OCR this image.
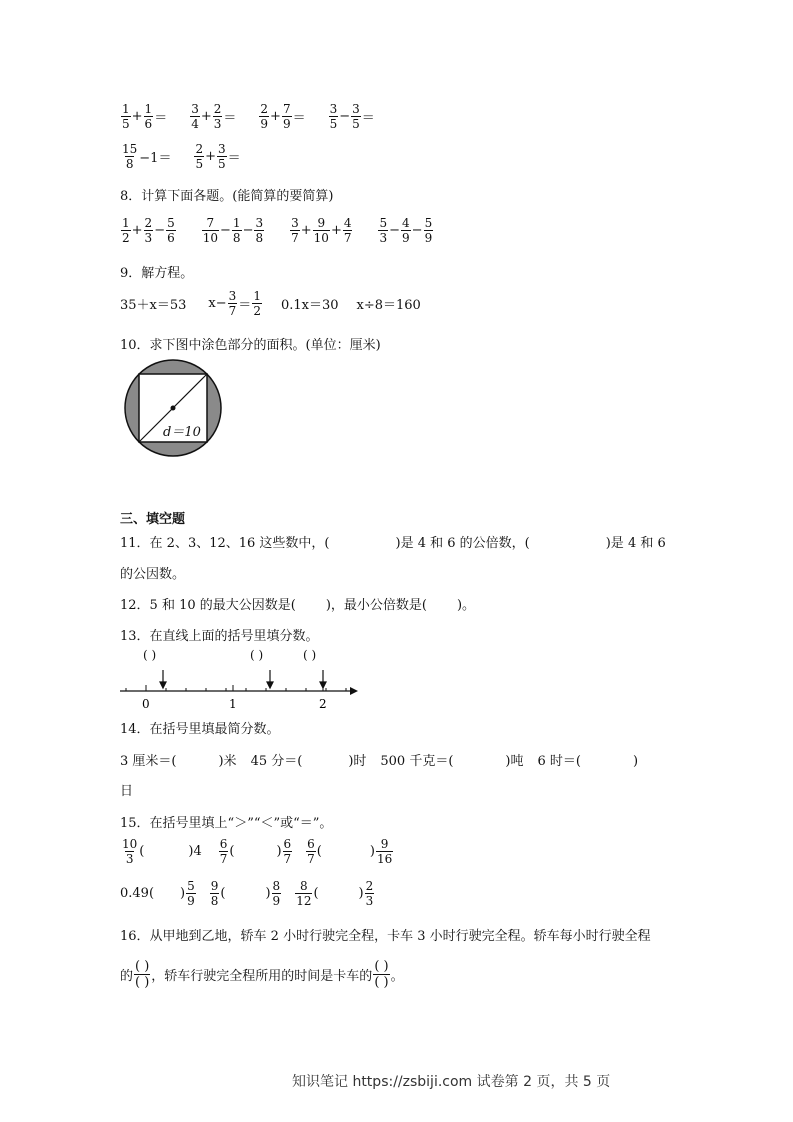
$\frac{1}{5} + \frac{1}{6} = \frac{3}{4} + \frac{2}{3} = \frac{2}{9} + \frac{7}{9} = \frac{3}{5} - \frac{3}{5}$ ＝
$\frac{15}{8} -1= \frac{2}{5} + \frac{3}{5}$ ＝
8．计算下面各题。(能简算的要简算)
$\frac{1}{2} + \frac{2}{3} - \frac{5}{6} \frac{7}{10} - \frac{1}{8} - \frac{3}{8} \frac{3}{7} + \frac{9}{10} + \frac{4}{7} \frac{5}{3} - \frac{4}{9} - \frac{5}{9}$
9．解方程。
35＋x＝53 $x- \frac{3}{7} = \frac{1}{2} 0.1x=30$ x÷8＝160
10．求下图中涂色部分的面积。(单位：厘米)
d＝10
三、填空题
11．在 2、3、12、16 这些数中，(	)是 4 和 6 的公倍数，(	)是 4 和 6
的公因数。
12．5 和 10 的最大公因数是( )，最小公倍数是( )。
13．在直线上面的括号里填分数。
( )	( )	( )
0	1	2
14．在括号里填最简分数。
3 厘米＝(	)米 45 分＝(	)时 500 千克＝(	)吨 6 时＝(	)
日
15．在括号里填上“＞”“＜”或“＝”。
$\frac{10}{3}$ (	) $4 \frac{6}{7}$ (	) $\frac{6}{7} \frac{6}{7}$ (	) $\frac{9}{16}$
0.49 ( ) $\frac{5}{9} \frac{9}{8}$ (	) $\frac{8}{9} \frac{8}{12}$ (	) $\frac{2}{3}$
16．从甲地到乙地，轿车 2 小时行驶完全程，卡车 3 小时行驶完全程。轿车每小时行驶全程
的 $\frac{( )}{( )}$ ，轿车行驶完全程所用的时间是卡车的 $\frac{( )}{( )}$ 。
知识笔记 https://zsbiji.com 试卷第 2 页，共 5 页
